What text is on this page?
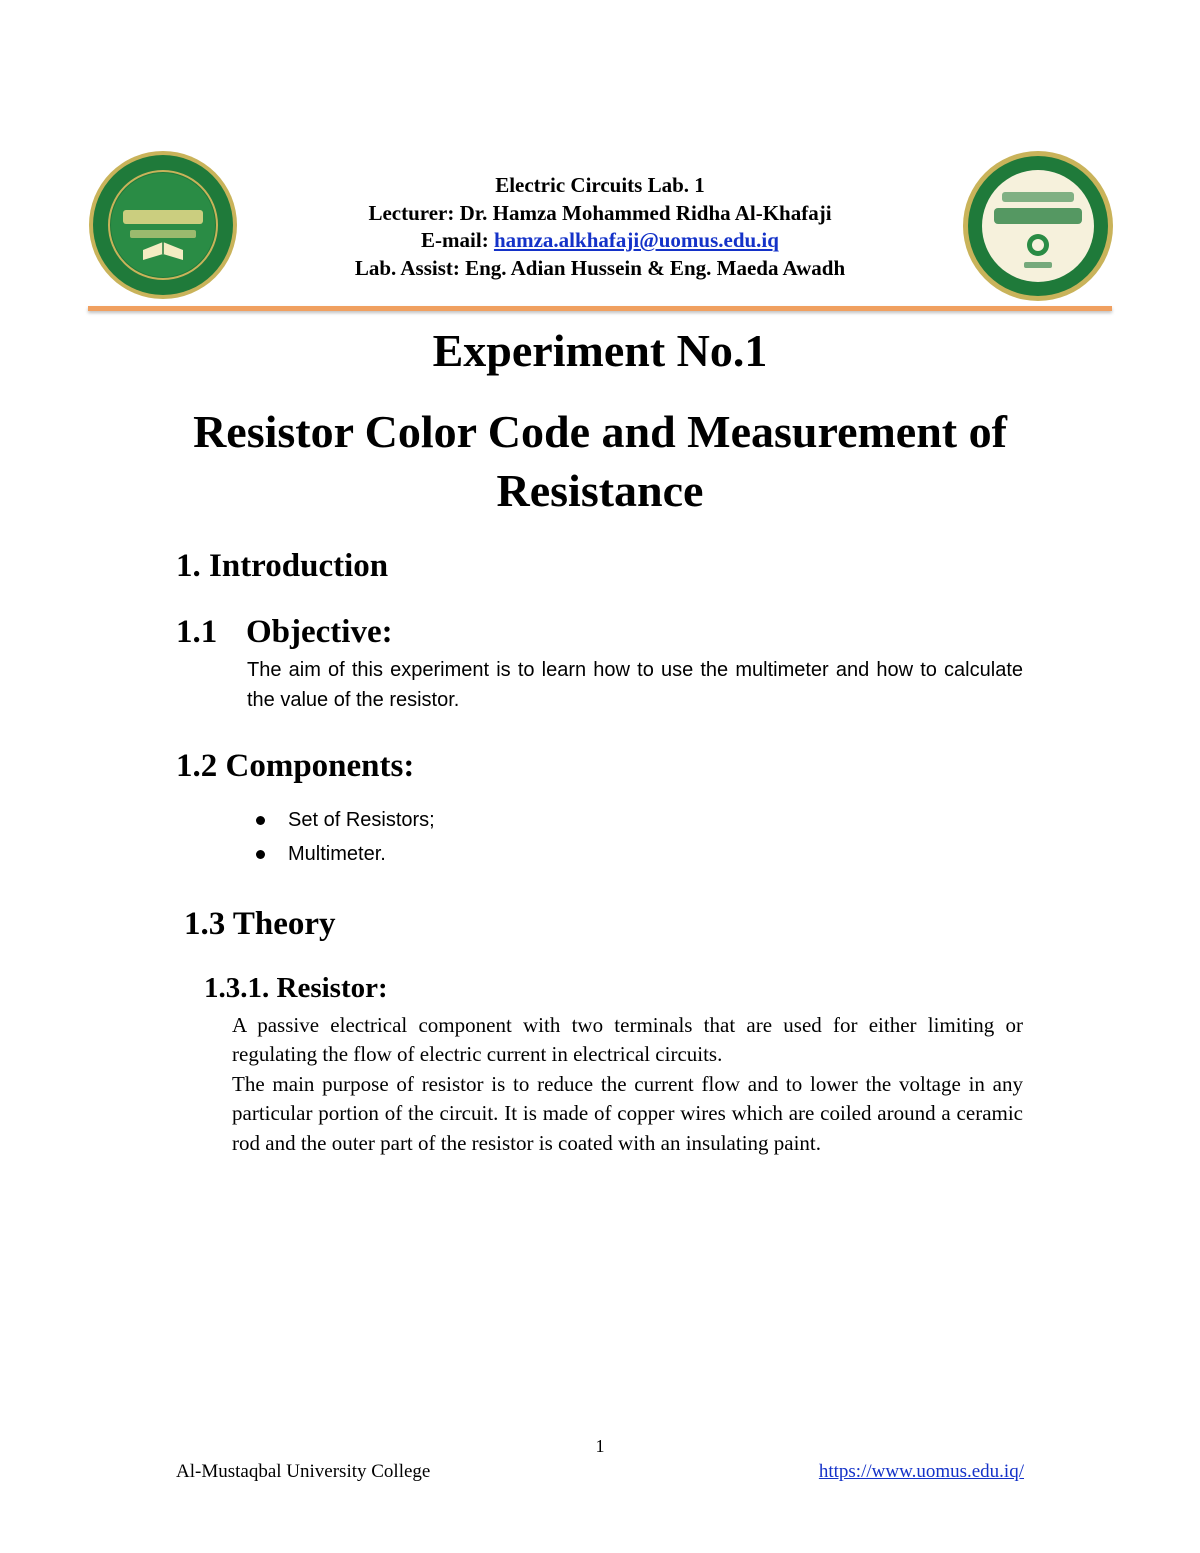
Electric Circuits Lab. 1
Lecturer: Dr. Hamza Mohammed Ridha Al-Khafaji
E-mail: hamza.alkhafaji@uomus.edu.iq
Lab. Assist: Eng. Adian Hussein & Eng. Maeda Awadh
Experiment No.1
Resistor Color Code and Measurement of Resistance
1. Introduction
1.1 Objective:

The aim of this experiment is to learn how to use the multimeter and how to calculate the value of the resistor.

1.2 Components:
Set of Resistors;
Multimeter.
1.3 Theory
1.3.1. Resistor:

A passive electrical component with two terminals that are used for either limiting or regulating the flow of electric current in electrical circuits.

The main purpose of resistor is to reduce the current flow and to lower the voltage in any particular portion of the circuit. It is made of copper wires which are coiled around a ceramic rod and the outer part of the resistor is coated with an insulating paint.

1

Al-Mustaqbal University College	https://www.uomus.edu.iq/
